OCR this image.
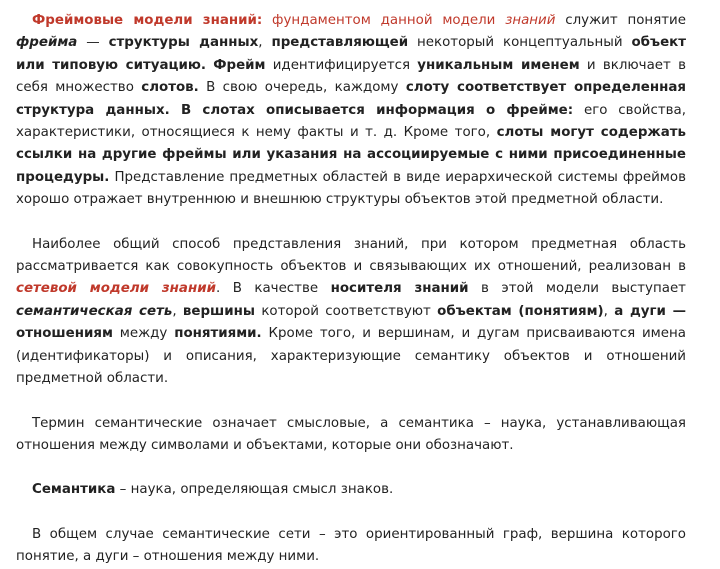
Фреймовые модели знаний: фундаментом данной модели знаний служит понятие фрейма — структуры данных, представляющей некоторый концептуальный объект или типовую ситуацию. Фрейм идентифицируется уникальным именем и включает в себя множество слотов. В свою очередь, каждому слоту соответствует определенная структура данных. В слотах описывается информация о фрейме: его свойства, характеристики, относящиеся к нему факты и т. д. Кроме того, слоты могут содержать ссылки на другие фреймы или указания на ассоциируемые с ними присоединенные процедуры. Представление предметных областей в виде иерархической системы фреймов хорошо отражает внутреннюю и внешнюю структуры объектов этой предметной области.

Наиболее общий способ представления знаний, при котором предметная область рассматривается как совокупность объектов и связывающих их отношений, реализован в сетевой модели знаний. В качестве носителя знаний в этой модели выступает семантическая сеть, вершины которой соответствуют объектам (понятиям), а дуги — отношениям между понятиями. Кроме того, и вершинам, и дугам присваиваются имена (идентификаторы) и описания, характеризующие семантику объектов и отношений предметной области.

Термин семантические означает смысловые, а семантика – наука, устанавливающая отношения между символами и объектами, которые они обозначают.

Семантика – наука, определяющая смысл знаков.

В общем случае семантические сети – это ориентированный граф, вершина которого понятие, а дуги – отношения между ними.
